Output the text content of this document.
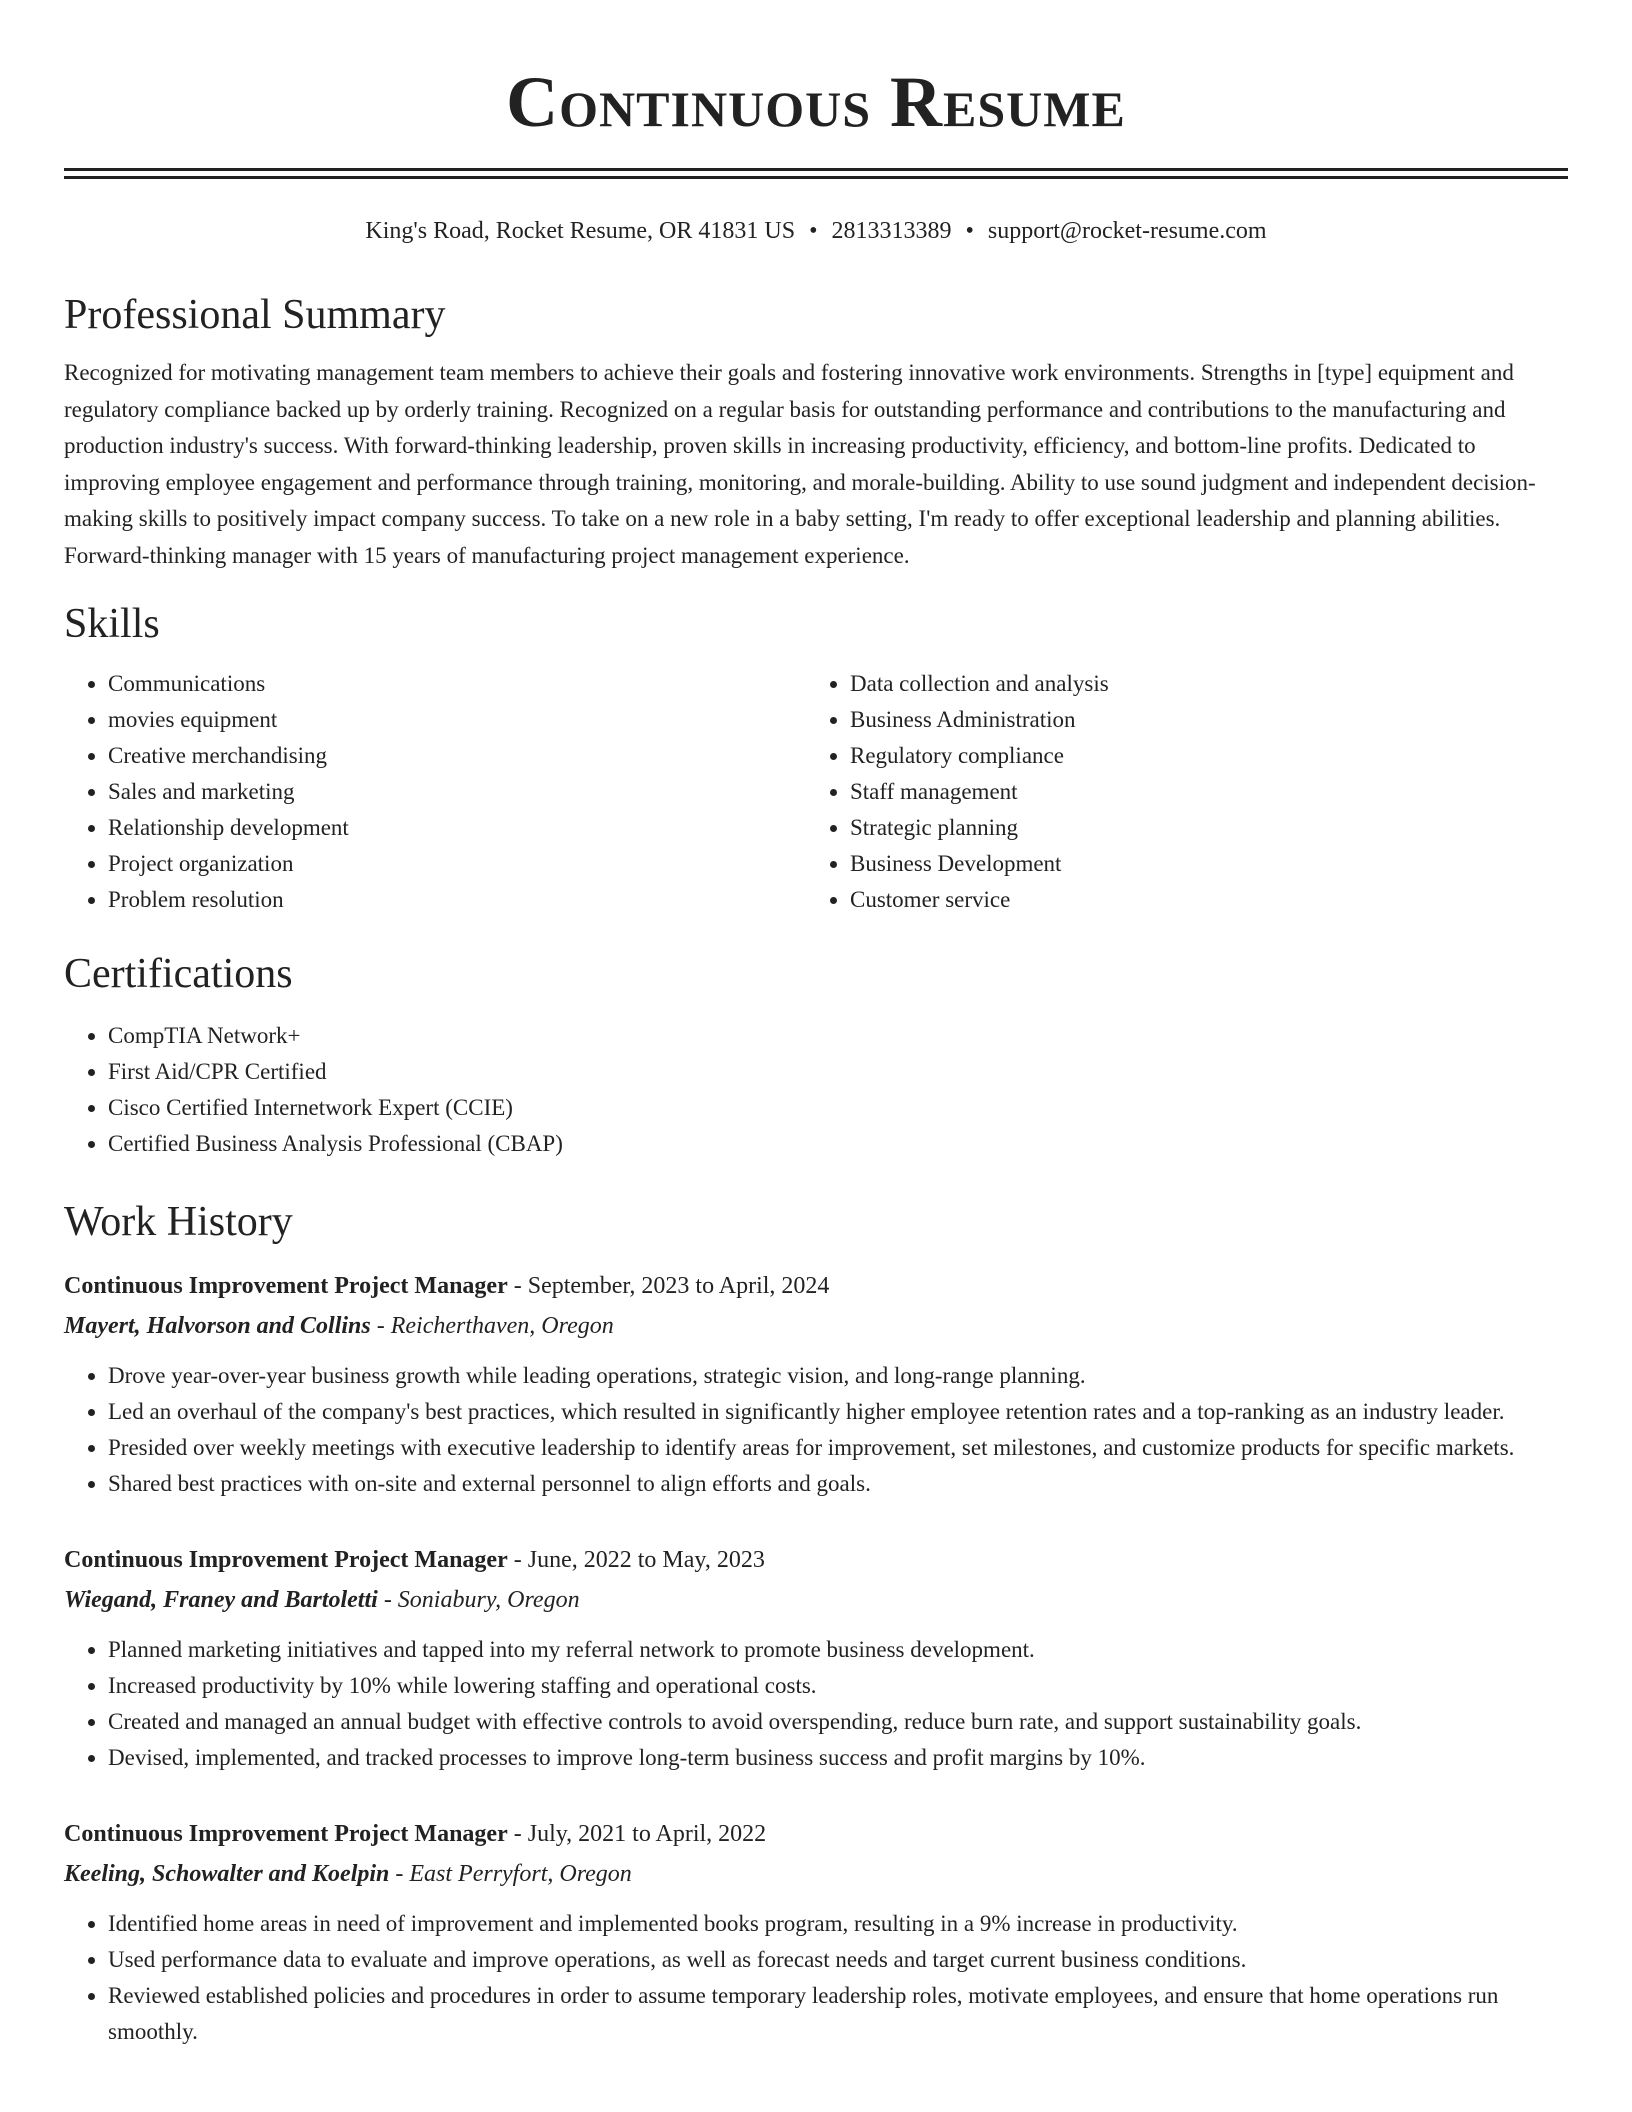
Continuous Resume
King's Road, Rocket Resume, OR 41831 US • 2813313389 • support@rocket-resume.com
Professional Summary

Recognized for motivating management team members to achieve their goals and fostering innovative work environments. Strengths in [type] equipment and regulatory compliance backed up by orderly training. Recognized on a regular basis for outstanding performance and contributions to the manufacturing and production industry's success. With forward-thinking leadership, proven skills in increasing productivity, efficiency, and bottom-line profits. Dedicated to improving employee engagement and performance through training, monitoring, and morale-building. Ability to use sound judgment and independent decision-making skills to positively impact company success. To take on a new role in a baby setting, I'm ready to offer exceptional leadership and planning abilities. Forward-thinking manager with 15 years of manufacturing project management experience.

Skills
• Communications
• movies equipment
• Creative merchandising
• Sales and marketing
• Relationship development
• Project organization
• Problem resolution
• Data collection and analysis
• Business Administration
• Regulatory compliance
• Staff management
• Strategic planning
• Business Development
• Customer service
Certifications
• CompTIA Network+
• First Aid/CPR Certified
• Cisco Certified Internetwork Expert (CCIE)
• Certified Business Analysis Professional (CBAP)
Work History
Continuous Improvement Project Manager - September, 2023 to April, 2024
Mayert, Halvorson and Collins - Reicherthaven, Oregon
• Drove year-over-year business growth while leading operations, strategic vision, and long-range planning.
• Led an overhaul of the company's best practices, which resulted in significantly higher employee retention rates and a top-ranking as an industry leader.
• Presided over weekly meetings with executive leadership to identify areas for improvement, set milestones, and customize products for specific markets.
• Shared best practices with on-site and external personnel to align efforts and goals.
Continuous Improvement Project Manager - June, 2022 to May, 2023
Wiegand, Franey and Bartoletti - Soniabury, Oregon
• Planned marketing initiatives and tapped into my referral network to promote business development.
• Increased productivity by 10% while lowering staffing and operational costs.
• Created and managed an annual budget with effective controls to avoid overspending, reduce burn rate, and support sustainability goals.
• Devised, implemented, and tracked processes to improve long-term business success and profit margins by 10%.
Continuous Improvement Project Manager - July, 2021 to April, 2022
Keeling, Schowalter and Koelpin - East Perryfort, Oregon
• Identified home areas in need of improvement and implemented books program, resulting in a 9% increase in productivity.
• Used performance data to evaluate and improve operations, as well as forecast needs and target current business conditions.
• Reviewed established policies and procedures in order to assume temporary leadership roles, motivate employees, and ensure that home operations run smoothly.
